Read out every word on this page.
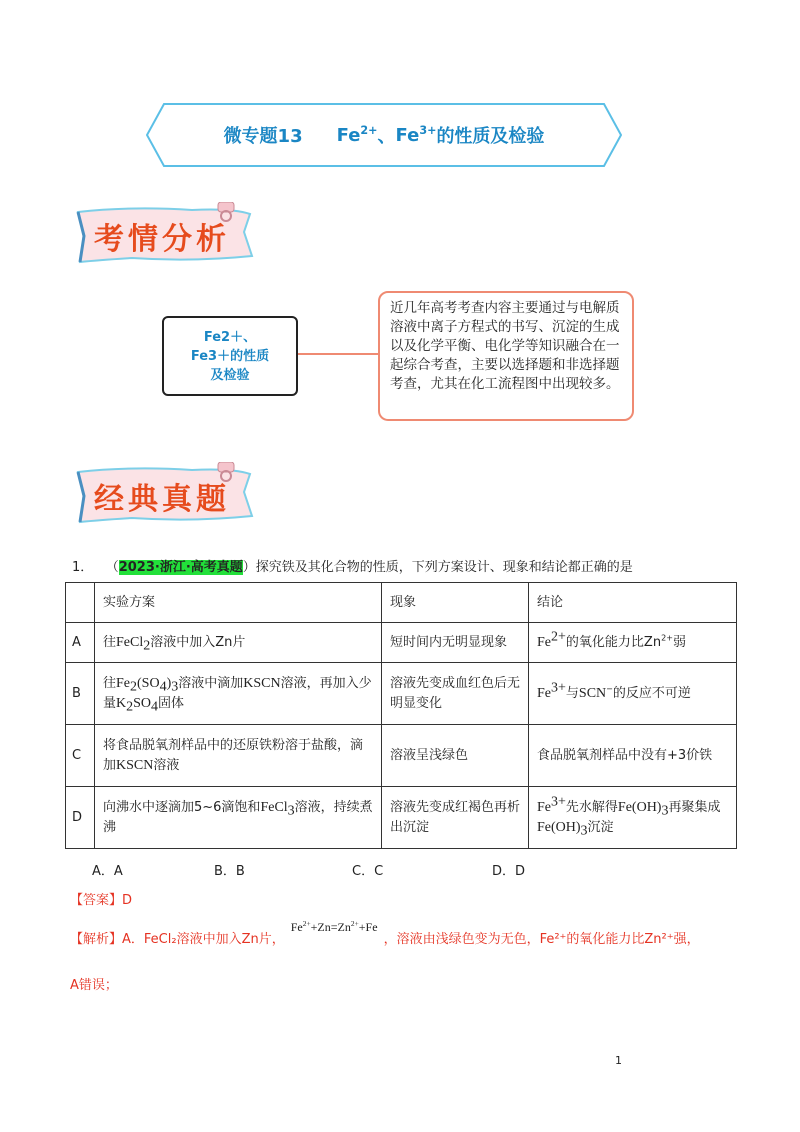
微专题13 $Fe^{2+}$ 、 $Fe^{3+}$ 的性质及检验
考情分析
Fe2＋、
Fe3＋的性质
及检验
近几年高考考查内容主要通过与电解质溶液中离子方程式的书写、沉淀的生成以及化学平衡、电化学等知识融合在一起综合考查，主要以选择题和非选择题考查，尤其在化工流程图中出现较多。
经典真题
1． （2023·浙江·高考真题）探究铁及其化合物的性质，下列方案设计、现象和结论都正确的是
	实验方案	现象	结论
A	往FeCl$_2$溶液中加入Zn片	短时间内无明显现象	$Fe^{2+}$的氧化能力比$Zn^{2+}$弱
B	往$Fe_2(SO_4)_3$溶液中滴加KSCN溶液，再加入少量$K_2SO_4$固体	溶液先变成血红色后无明显变化	$Fe^{3+}$与SCN−的反应不可逆
C	将食品脱氧剂样品中的还原铁粉溶于盐酸，滴加KSCN溶液	溶液呈浅绿色	食品脱氧剂样品中没有+3价铁
D	向沸水中逐滴加5~6滴饱和FeCl$_3$溶液，持续煮沸	溶液先变成红褐色再析出沉淀	$Fe^{3+}$先水解得$Fe(OH)_3$再聚集成
$Fe(OH)_3$沉淀
A．A	B．B	C．C	D．D
【答案】D
【解析】A．FeCl₂溶液中加入Zn片，$Fe^{2+}+Zn=Zn^{2+}+Fe$，溶液由浅绿色变为无色，Fe²⁺的氧化能力比Zn²⁺强，
A错误；
1
